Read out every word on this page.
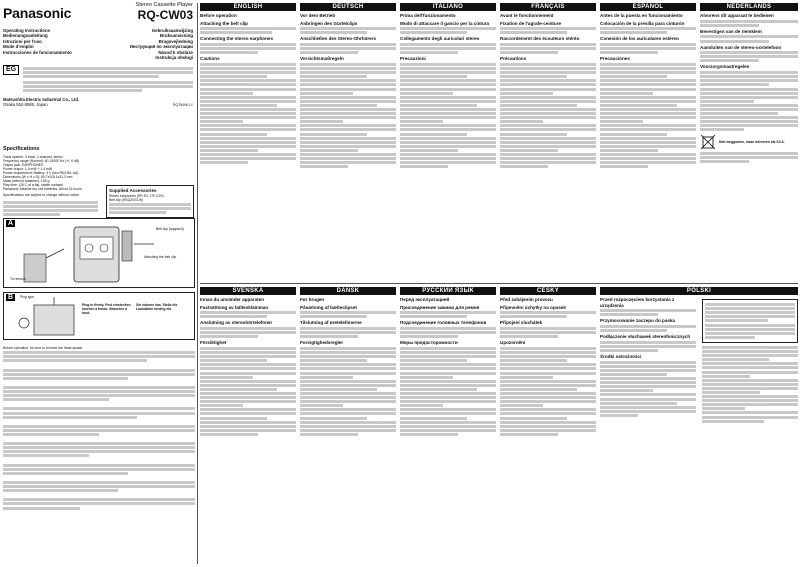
Panasonic	Stereo Cassette Player
RQ-CW03
Operating Instructions
Bedienungsanleitung
Istruzioni per l'uso
Mode d'emploi
Instrucciones de funcionamiento
Gebruiksaanwijzing
Bruksanvisning
Brugsvejledning
Инструкция по эксплуатации
Návod k obsluze
Instrukcja obsługi
EG
Matsushita Electric Industrial Co., Ltd.
Osaka 552-8586, Japan	RQT5496-1Y
Specifications
Track system: 4 track, 2 channel, stereo
Frequency range (Normal): 60-15000 Hz (+/- 6 dB)
Output jack: EARPHONES
Power output: 1.4 mW + 1.4 mW
Power requirement: Battery: 3 V (two R6/LR6, AA)
Dimensions (W x H x D): 80.7x115.1x31.3 mm
Mass (without batteries): 195 g
Play time: (25 C at a flat, stable surface)
Panasonic Alkaline dry cell batteries: About 16 hours
Specifications are subject to change without notice.
Supplied Accessories
Stereo earphones (RP-EV 17F-D20)
Belt clip (RSQ2003-W)
A
Belt clip (supplied)
Attaching the belt clip
To remove
B	Plug type
Plug in firmly. Fest einstecken. Inserire a fondo. Brancher à fond.
Set volume low. Stelle die Lautstärke niedrig ein.
Before operation, be sure to remove the head spacer.
ENGLISH
Before operation
Attaching the belt clip
Connecting the stereo earphones
Cautions
DEUTSCH
Vor dem Betrieb
Anbringen des Gürtelclips
Anschließen des Stereo-Ohrhörers
Vorsichtsmaßregeln
ITALIANO
Prima dell'funzionamento
Modo di attaccare il gancio per la cintura
Collegamento degli auricolari stereo
Precauzioni
FRANÇAIS
Avant le fonctionnement
Fixation de l'agrafe-ceinture
Raccordement des écouteurs stéréo
Précautions
ESPAÑOL
Antes de la puesta en funcionamiento
Colocación de la presilla para cinturón
Conexión de los auriculares estéreo
Precauciones
NEDERLANDS
Alvorens dit apparaat te bedienen
Bevestigen van de riemklem
Aansluiten van de stereo-oortelefoon
Voorzorgsmaatregelen
Niet weggooien, maar inleveren als KCA.
SVENSKA
Innan du använder apparaten
Fastsättning av bältesklämman
Anslutning av stereohörtelefoner
Försiktighet
DANSK
Før brugen
Påsætning af bælteclipset
Tilslutning af øretelefonerne
Forsigtighedsregler
РУССКИЙ ЯЗЫК
Перед эксплуатацией
Присоединение зажима для ремня
Подсоединение головных телефонов
Меры предосторожности
ČESKY
Před zahájením provozu
Připevnění úchytky na opasek
Připojení sluchátek
Upozornění
POLSKI
Przed rozpoczęciem korzystania z urządzenia
Przymocowanie zaczepu do paska
Podłączenie słuchawek stereofonicznych
Środki ostrożności
